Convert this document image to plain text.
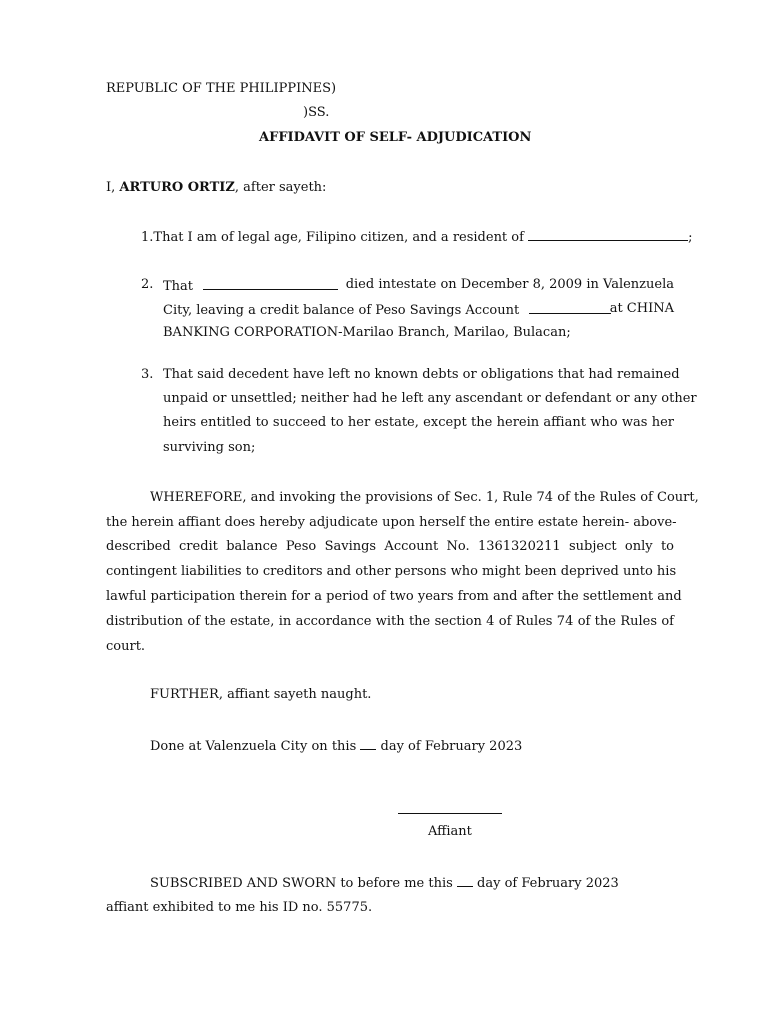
REPUBLIC OF THE PHILIPPINES)
)SS.
AFFIDAVIT OF SELF- ADJUDICATION
I, ARTURO ORTIZ, after sayeth:
1.That I am of legal age, Filipino citizen, and a resident of	;
2. That	died intestate on December 8, 2009 in Valenzuela
City, leaving a credit balance of Peso Savings Account	at CHINA
BANKING CORPORATION-Marilao Branch, Marilao, Bulacan;
3. That said decedent have left no known debts or obligations that had remained
unpaid or unsettled; neither had he left any ascendant or defendant or any other
heirs entitled to succeed to her estate, except the herein affiant who was her
surviving son;
WHEREFORE , and invoking the provisions of Sec. 1, Rule 74 of the Rules of Court,
the herein affiant does hereby adjudicate upon herself the entire estate herein- above-
described credit balance Peso Savings Account No. 1361320211 subject only to
contingent liabilities to creditors and other persons who might been deprived unto his
lawful participation therein for a period of two years from and after the settlement and
distribution of the estate, in accordance with the section 4 of Rules 74 of the Rules of
court.
FURTHER, affiant sayeth naught.
Done at Valenzuela City on this  day of February 2023
Affiant
SUBSCRIBED AND SWORN to before me this  day of February 2023
affiant exhibited to me his ID no. 55775.
